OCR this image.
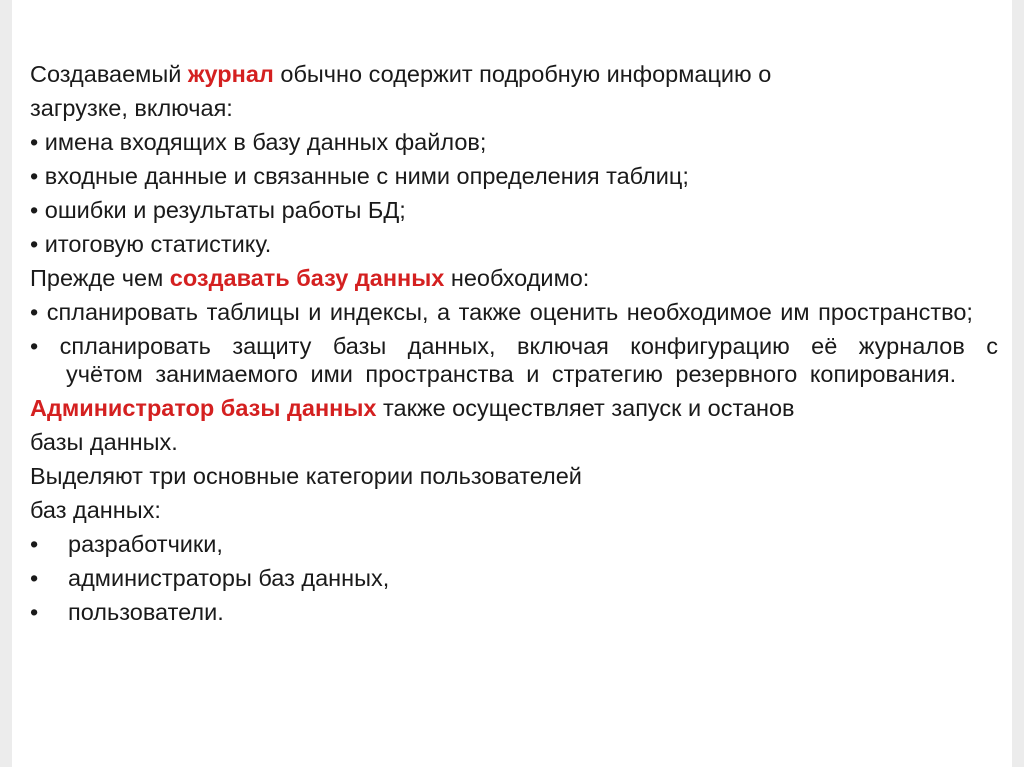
Создаваемый журнал обычно содержит подробную информацию о
загрузке, включая:
• имена входящих в базу данных файлов;
• входные данные и связанные с ними определения таблиц;
• ошибки и результаты работы БД;
• итоговую статистику.
Прежде чем создавать базу данных необходимо:
• спланировать таблицы и индексы, а также оценить необходимое им пространство;
• спланировать защиту базы данных, включая конфигурацию её журналов с учётом занимаемого ими пространства и стратегию резервного копирования.
Администратор базы данных также осуществляет запуск и останов
базы данных.
Выделяют три основные категории пользователей
баз данных:
•	разработчики,
•	администраторы баз данных,
•	пользователи.
